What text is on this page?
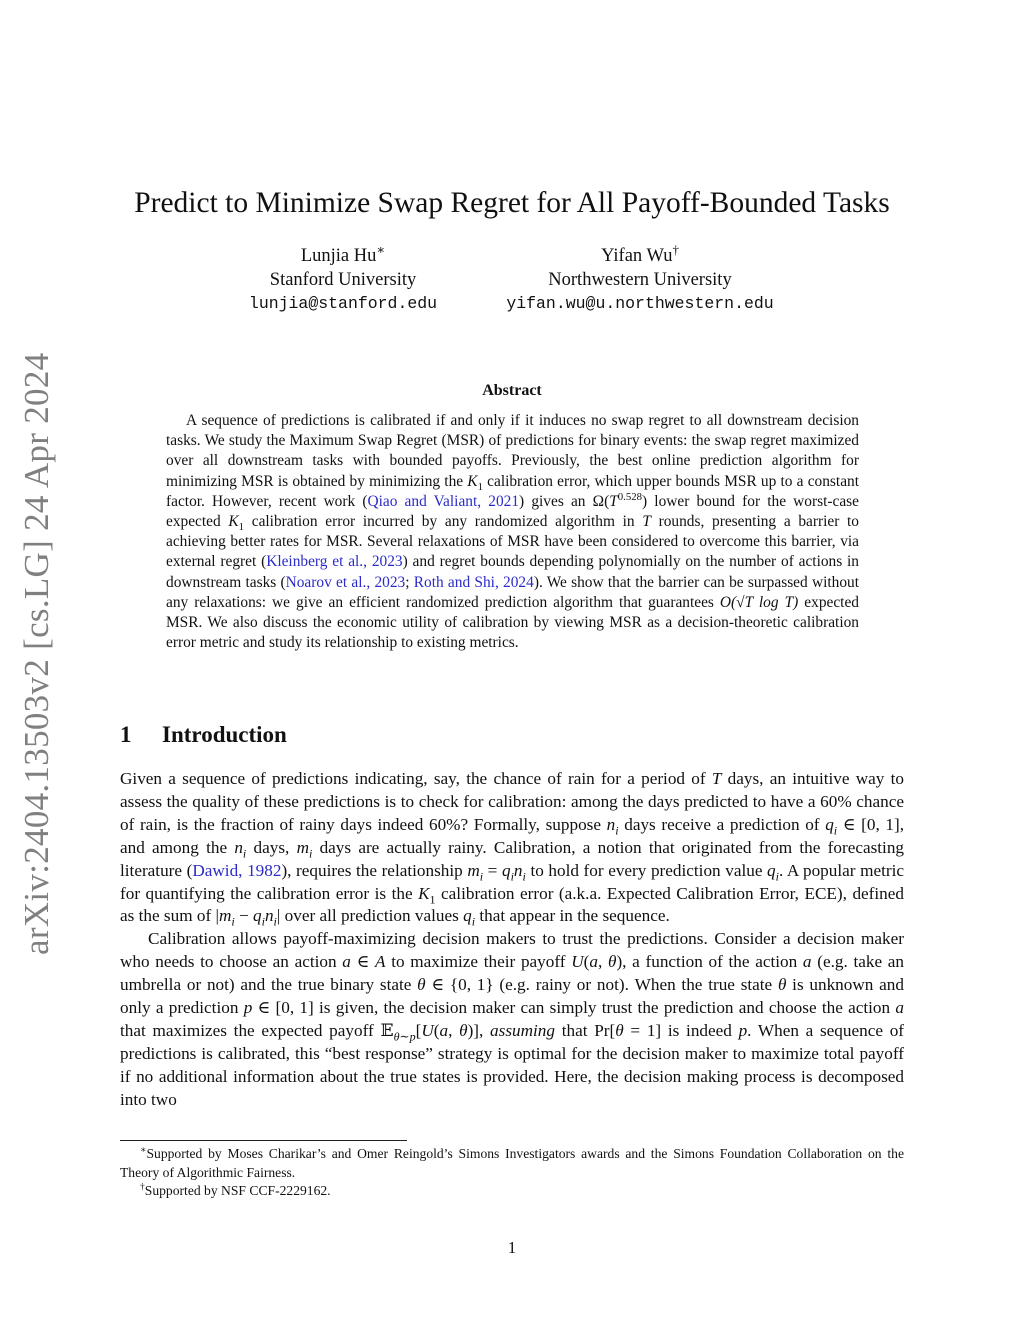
arXiv:2404.13503v2 [cs.LG] 24 Apr 2024
Predict to Minimize Swap Regret for All Payoff-Bounded Tasks
Lunjia Hu∗
Stanford University
lunjia@stanford.edu
Yifan Wu†
Northwestern University
yifan.wu@u.northwestern.edu
Abstract
A sequence of predictions is calibrated if and only if it induces no swap regret to all downstream decision tasks. We study the Maximum Swap Regret (MSR) of predictions for binary events: the swap regret maximized over all downstream tasks with bounded payoffs. Previously, the best online prediction algorithm for minimizing MSR is obtained by minimizing the $K_1$ calibration error, which upper bounds MSR up to a constant factor. However, recent work (Qiao and Valiant, 2021) gives an $\Omega(T^{0.528})$ lower bound for the worst-case expected $K_1$ calibration error incurred by any randomized algorithm in T rounds, presenting a barrier to achieving better rates for MSR. Several relaxations of MSR have been considered to overcome this barrier, via external regret (Kleinberg et al., 2023) and regret bounds depending polynomially on the number of actions in downstream tasks (Noarov et al., 2023; Roth and Shi, 2024). We show that the barrier can be surpassed without any relaxations: we give an efficient randomized prediction algorithm that guarantees O(√T log T) expected MSR. We also discuss the economic utility of calibration by viewing MSR as a decision-theoretic calibration error metric and study its relationship to existing metrics.
1 Introduction

Given a sequence of predictions indicating, say, the chance of rain for a period of T days, an intuitive way to assess the quality of these predictions is to check for calibration: among the days predicted to have a 60% chance of rain, is the fraction of rainy days indeed 60%? Formally, suppose $n_i$ days receive a prediction of $q_i$ ∈ [0, 1], and among the $n_i$ days, $m_i$ days are actually rainy. Calibration, a notion that originated from the forecasting literature (Dawid, 1982), requires the relationship $m_i = q_in_i$ to hold for every prediction value $q_i$. A popular metric for quantifying the calibration error is the $K_1$ calibration error (a.k.a. Expected Calibration Error, ECE), defined as the sum of $|m_i - q_in_i|$ over all prediction values $q_i$ that appear in the sequence.

Calibration allows payoff-maximizing decision makers to trust the predictions. Consider a decision maker who needs to choose an action a ∈ A to maximize their payoff U(a, θ), a function of the action a (e.g. take an umbrella or not) and the true binary state θ ∈ {0, 1} (e.g. rainy or not). When the true state θ is unknown and only a prediction p ∈ [0, 1] is given, the decision maker can simply trust the prediction and choose the action a that maximizes the expected payoff 𝔼$_{\theta\sim p}$[U(a, θ)], assuming that Pr[θ = 1] is indeed p. When a sequence of predictions is calibrated, this “best response” strategy is optimal for the decision maker to maximize total payoff if no additional information about the true states is provided. Here, the decision making process is decomposed into two

∗Supported by Moses Charikar’s and Omer Reingold’s Simons Investigators awards and the Simons Foundation Collaboration on the Theory of Algorithmic Fairness.

†Supported by NSF CCF-2229162.

1
